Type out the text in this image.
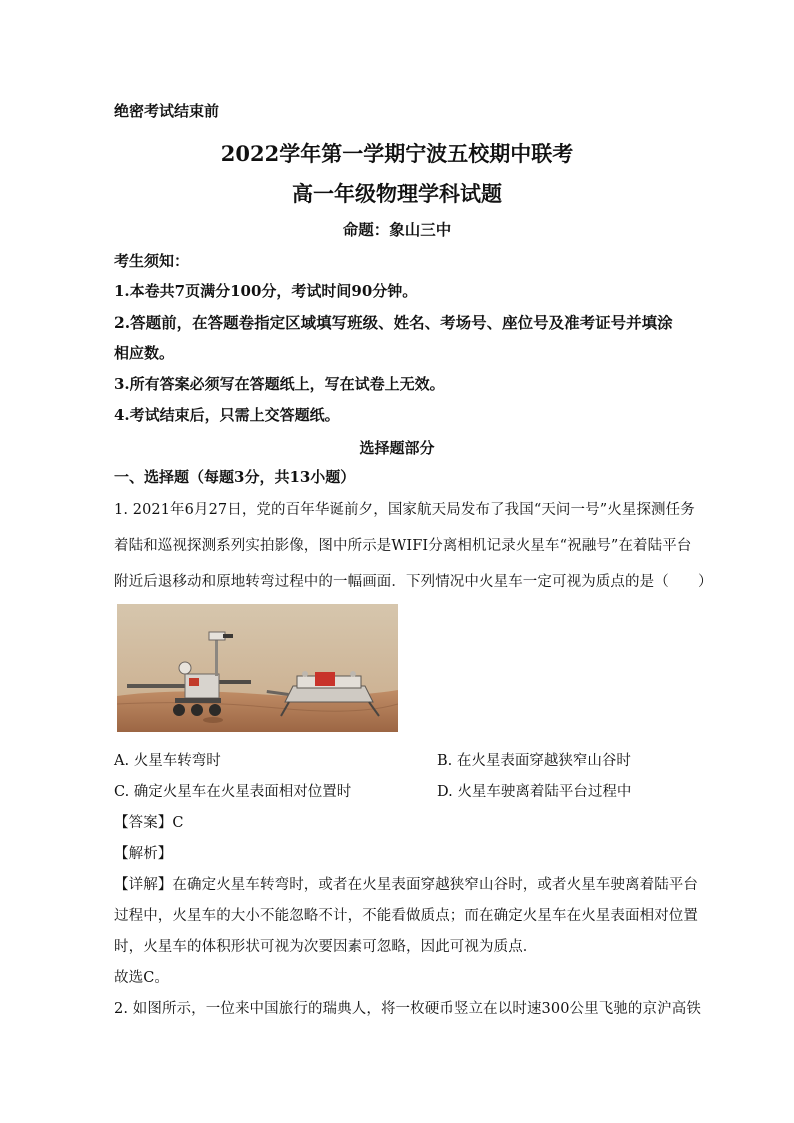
绝密考试结束前
2022学年第一学期宁波五校期中联考
高一年级物理学科试题
命题：象山三中
考生须知：
1.本卷共7页满分100分，考试时间90分钟。
2.答题前，在答题卷指定区域填写班级、姓名、考场号、座位号及准考证号并填涂
相应数。
3.所有答案必须写在答题纸上，写在试卷上无效。
4.考试结束后，只需上交答题纸。
选择题部分
一、选择题（每题3分，共13小题）
1. 2021年6月27日，党的百年华诞前夕，国家航天局发布了我国“天问一号”火星探测任务
着陆和巡视探测系列实拍影像，图中所示是WIFI分离相机记录火星车“祝融号”在着陆平台
附近后退移动和原地转弯过程中的一幅画面．下列情况中火星车一定可视为质点的是（　　）
A. 火星车转弯时	B. 在火星表面穿越狭窄山谷时
C. 确定火星车在火星表面相对位置时	D. 火星车驶离着陆平台过程中
【答案】C
【解析】
【详解】在确定火星车转弯时，或者在火星表面穿越狭窄山谷时，或者火星车驶离着陆平台
过程中，火星车的大小不能忽略不计，不能看做质点；而在确定火星车在火星表面相对位置
时，火星车的体积形状可视为次要因素可忽略，因此可视为质点．
故选C。
2. 如图所示，一位来中国旅行的瑞典人，将一枚硬币竖立在以时速300公里飞驰的京沪高铁
